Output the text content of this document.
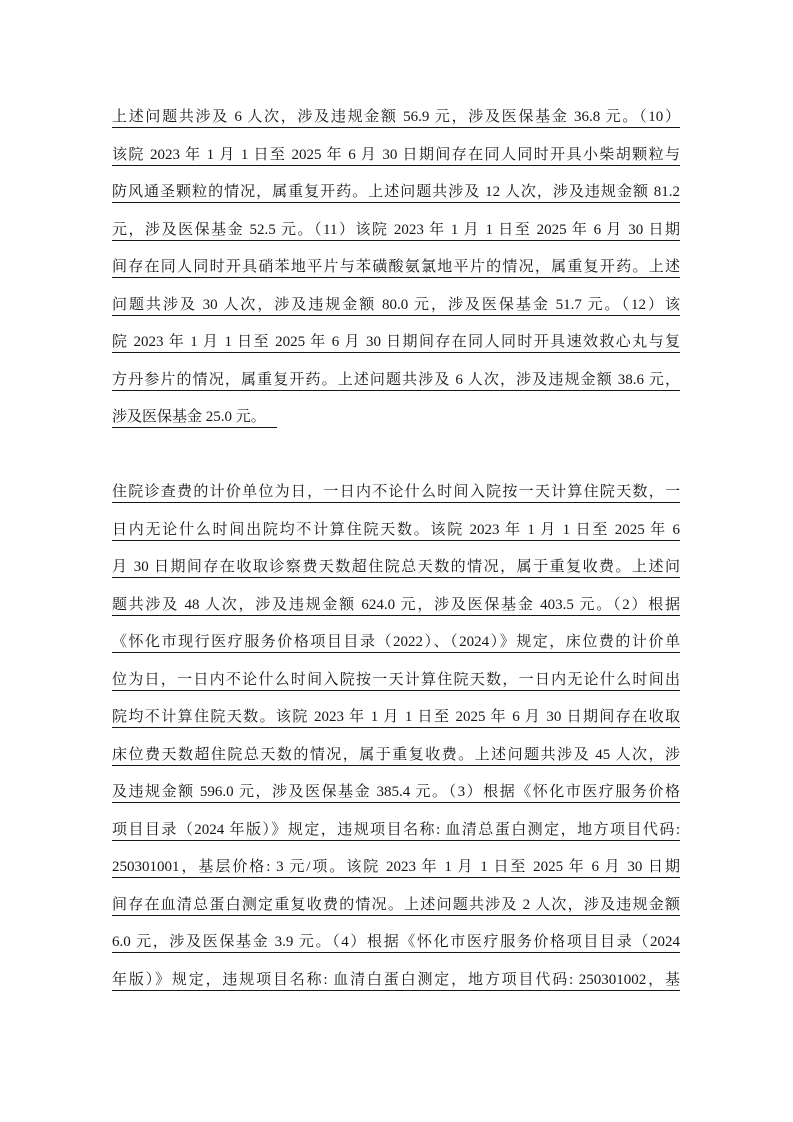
上述问题共涉及 6 人次，涉及违规金额 56.9 元，涉及医保基金 36.8 元。（10）
该院 2023 年 1 月 1 日至 2025 年 6 月 30 日期间存在同人同时开具小柴胡颗粒与
防风通圣颗粒的情况，属重复开药。上述问题共涉及 12 人次，涉及违规金额 81.2
元，涉及医保基金 52.5 元。（11）该院 2023 年 1 月 1 日至 2025 年 6 月 30 日期
间存在同人同时开具硝苯地平片与苯磺酸氨氯地平片的情况，属重复开药。上述
问题共涉及 30 人次，涉及违规金额 80.0 元，涉及医保基金 51.7 元。（12）该
院 2023 年 1 月 1 日至 2025 年 6 月 30 日期间存在同人同时开具速效救心丸与复
方丹参片的情况，属重复开药。上述问题共涉及 6 人次，涉及违规金额 38.6 元，
涉及医保基金 25.0 元。

住院诊查费的计价单位为日，一日内不论什么时间入院按一天计算住院天数，一
日内无论什么时间出院均不计算住院天数。该院 2023 年 1 月 1 日至 2025 年 6
月 30 日期间存在收取诊察费天数超住院总天数的情况，属于重复收费。上述问
题共涉及 48 人次，涉及违规金额 624.0 元，涉及医保基金 403.5 元。（2）根据
《怀化市现行医疗服务价格项目目录（2022）、（2024）》规定，床位费的计价单
位为日，一日内不论什么时间入院按一天计算住院天数，一日内无论什么时间出
院均不计算住院天数。该院 2023 年 1 月 1 日至 2025 年 6 月 30 日期间存在收取
床位费天数超住院总天数的情况，属于重复收费。上述问题共涉及 45 人次，涉
及违规金额 596.0 元，涉及医保基金 385.4 元。（3）根据《怀化市医疗服务价格
项目目录（2024 年版）》规定，违规项目名称: 血清总蛋白测定，地方项目代码:
250301001，基层价格: 3 元/项。该院 2023 年 1 月 1 日至 2025 年 6 月 30 日期
间存在血清总蛋白测定重复收费的情况。上述问题共涉及 2 人次，涉及违规金额
6.0 元，涉及医保基金 3.9 元。（4）根据《怀化市医疗服务价格项目目录（2024
年版）》规定，违规项目名称: 血清白蛋白测定，地方项目代码: 250301002，基
